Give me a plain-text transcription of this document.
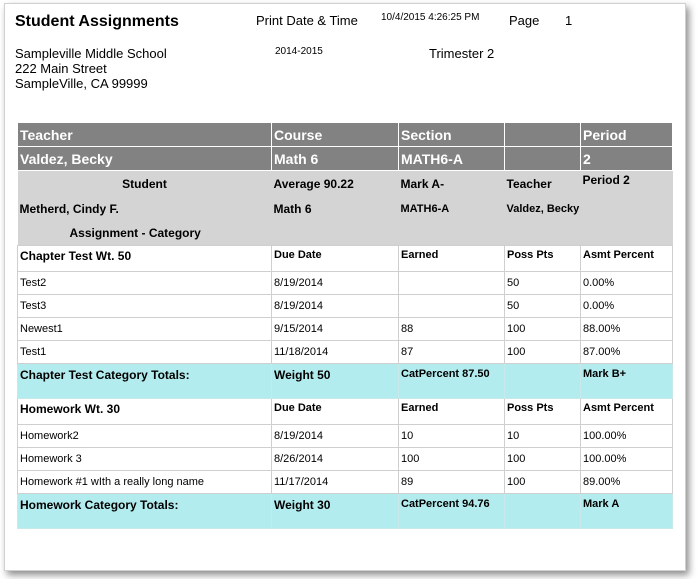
Student Assignments	Print Date & Time 10/4/2015 4:26:25 PM Page 1
Sampleville Middle School
222 Main Street
SampleVille, CA 99999
2014-2015	Trimester 2
Teacher	Course	Section		Period
Valdez, Becky	Math 6	MATH6-A		2
Student	Average 90.22	Mark A-	Teacher	Period 2
Metherd, Cindy F.	Math 6	MATH6-A	Valdez, Becky	
Assignment - Category				
Chapter Test Wt. 50	Due Date	Earned	Poss Pts	Asmt Percent
Test2	8/19/2014		50	0.00%
Test3	8/19/2014		50	0.00%
Newest1	9/15/2014	88	100	88.00%
Test1	11/18/2014	87	100	87.00%
Chapter Test Category Totals:	Weight 50	CatPercent 87.50		Mark B+
Homework Wt. 30	Due Date	Earned	Poss Pts	Asmt Percent
Homework2	8/19/2014	10	10	100.00%
Homework 3	8/26/2014	100	100	100.00%
Homework #1 wIth a really long name	11/17/2014	89	100	89.00%
Homework Category Totals:	Weight 30	CatPercent 94.76		Mark A
